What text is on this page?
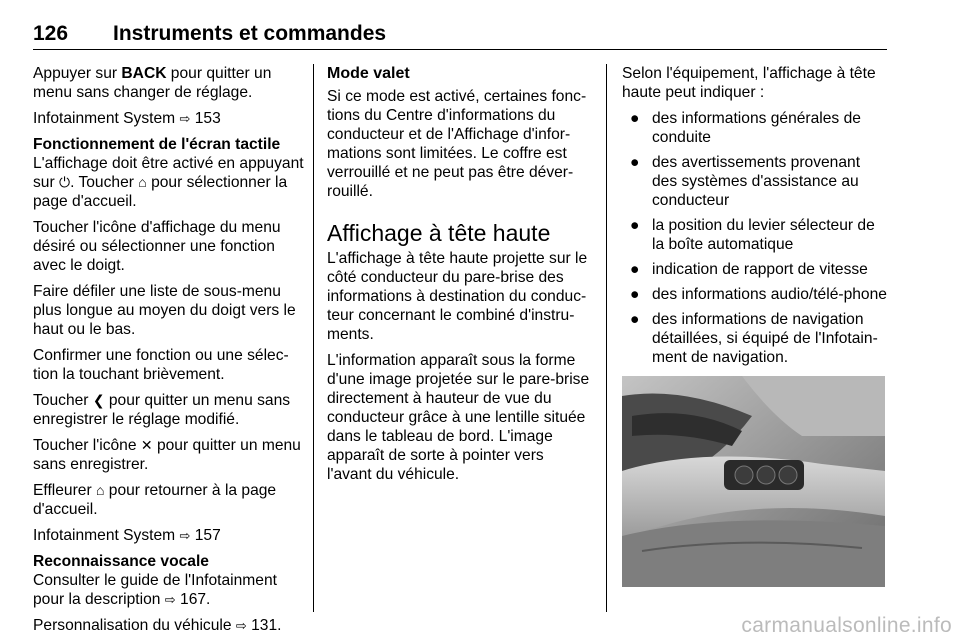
126 Instruments et commandes

Appuyer sur BACK pour quitter un menu sans changer de réglage.

Infotainment System ⇨ 153

Fonctionnement de l'écran tactile

L'affichage doit être activé en appuyant sur ⏻. Toucher ⌂ pour sélectionner la page d'accueil.

Toucher l'icône d'affichage du menu désiré ou sélectionner une fonction avec le doigt.

Faire défiler une liste de sous-menu plus longue au moyen du doigt vers le haut ou le bas.

Confirmer une fonction ou une sélec-tion la touchant brièvement.

Toucher ❮ pour quitter un menu sans enregistrer le réglage modifié.

Toucher l'icône ✕ pour quitter un menu sans enregistrer.

Effleurer ⌂ pour retourner à la page d'accueil.

Infotainment System ⇨ 157

Reconnaissance vocale

Consulter le guide de l'Infotainment pour la description ⇨ 167.

Personnalisation du véhicule ⇨ 131.

Mode valet

Si ce mode est activé, certaines fonc-tions du Centre d'informations du conducteur et de l'Affichage d'infor-mations sont limitées. Le coffre est verrouillé et ne peut pas être déver-rouillé.

Affichage à tête haute

L'affichage à tête haute projette sur le côté conducteur du pare-brise des informations à destination du conduc-teur concernant le combiné d'instru-ments.

L'information apparaît sous la forme d'une image projetée sur le pare-brise directement à hauteur de vue du conducteur grâce à une lentille située dans le tableau de bord. L'image apparaît de sorte à pointer vers l'avant du véhicule.

Selon l'équipement, l'affichage à tête haute peut indiquer :

● des informations générales de conduite
● des avertissements provenant des systèmes d'assistance au conducteur
● la position du levier sélecteur de la boîte automatique
● indication de rapport de vitesse
● des informations audio/télé-phone
● des informations de navigation détaillées, si équipé de l'Infotain-ment de navigation.
carmanualsonline.info
